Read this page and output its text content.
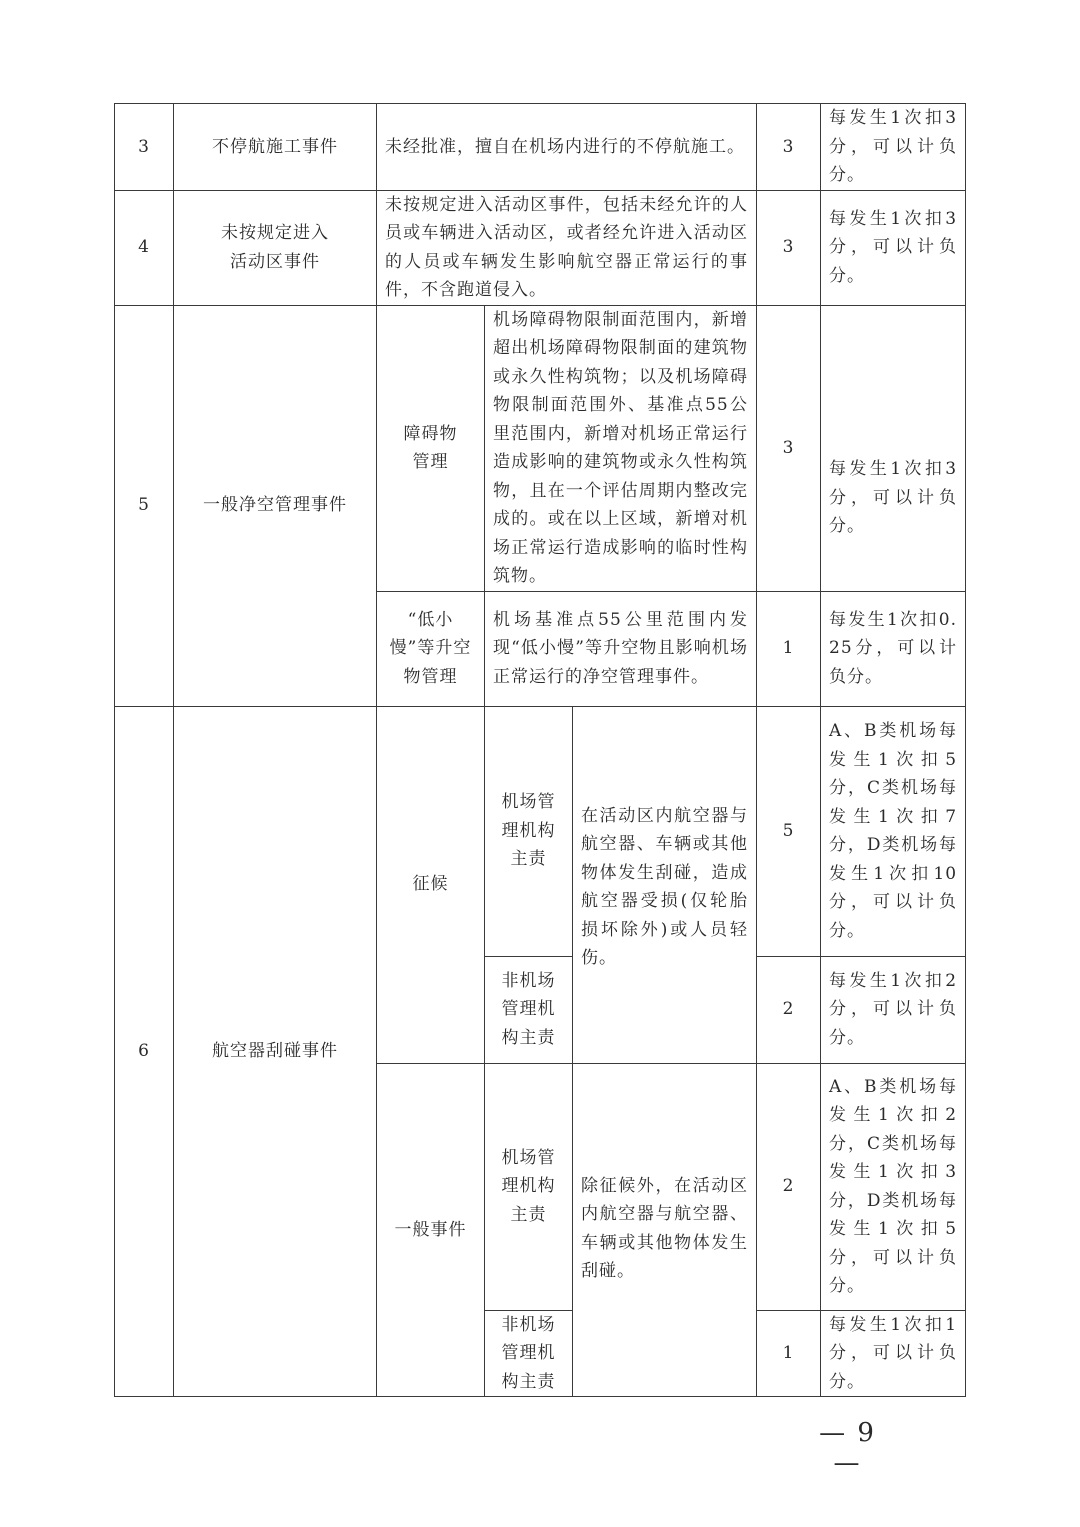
3	不停航施工事件	未经批准，擅自在机场内进行的不停航施工。			3	每发生1次扣3分，可以计负分。
4	未按规定进入活动区事件	未按规定进入活动区事件，包括未经允许的人员或车辆进入活动区，或者经允许进入活动区的人员或车辆发生影响航空器正常运行的事件，不含跑道侵入。			3	每发生1次扣3分，可以计负分。
5	一般净空管理事件	障碍物管理	机场障碍物限制面范围内，新增超出机场障碍物限制面的建筑物或永久性构筑物；以及机场障碍物限制面范围外、基准点55公里范围内，新增对机场正常运行造成影响的建筑物或永久性构筑物，且在一个评估周期内整改完成的。或在以上区域，新增对机场正常运行造成影响的临时性构筑物。		3	每发生1次扣3分，可以计负分。
		“低小慢”等升空物管理	机场基准点55公里范围内发现“低小慢”等升空物且影响机场正常运行的净空管理事件。		1	每发生1次扣0.25分，可以计负分。
6	航空器刮碰事件	征候	机场管理机构主责	在活动区内航空器与航空器、车辆或其他物体发生刮碰，造成航空器受损(仅轮胎损坏除外)或人员轻伤。	5	A、B类机场每发生1次扣5分，C类机场每发生1次扣7分，D类机场每发生1次扣10分，可以计负分。
			非机场管理机构主责		2	每发生1次扣2分，可以计负分。
		一般事件	机场管理机构主责	除征候外，在活动区内航空器与航空器、车辆或其他物体发生刮碰。	2	A、B类机场每发生1次扣2分，C类机场每发生1次扣3分，D类机场每发生1次扣5分，可以计负分。
			非机场管理机构主责		1	每发生1次扣1分，可以计负分。
— 9 —
